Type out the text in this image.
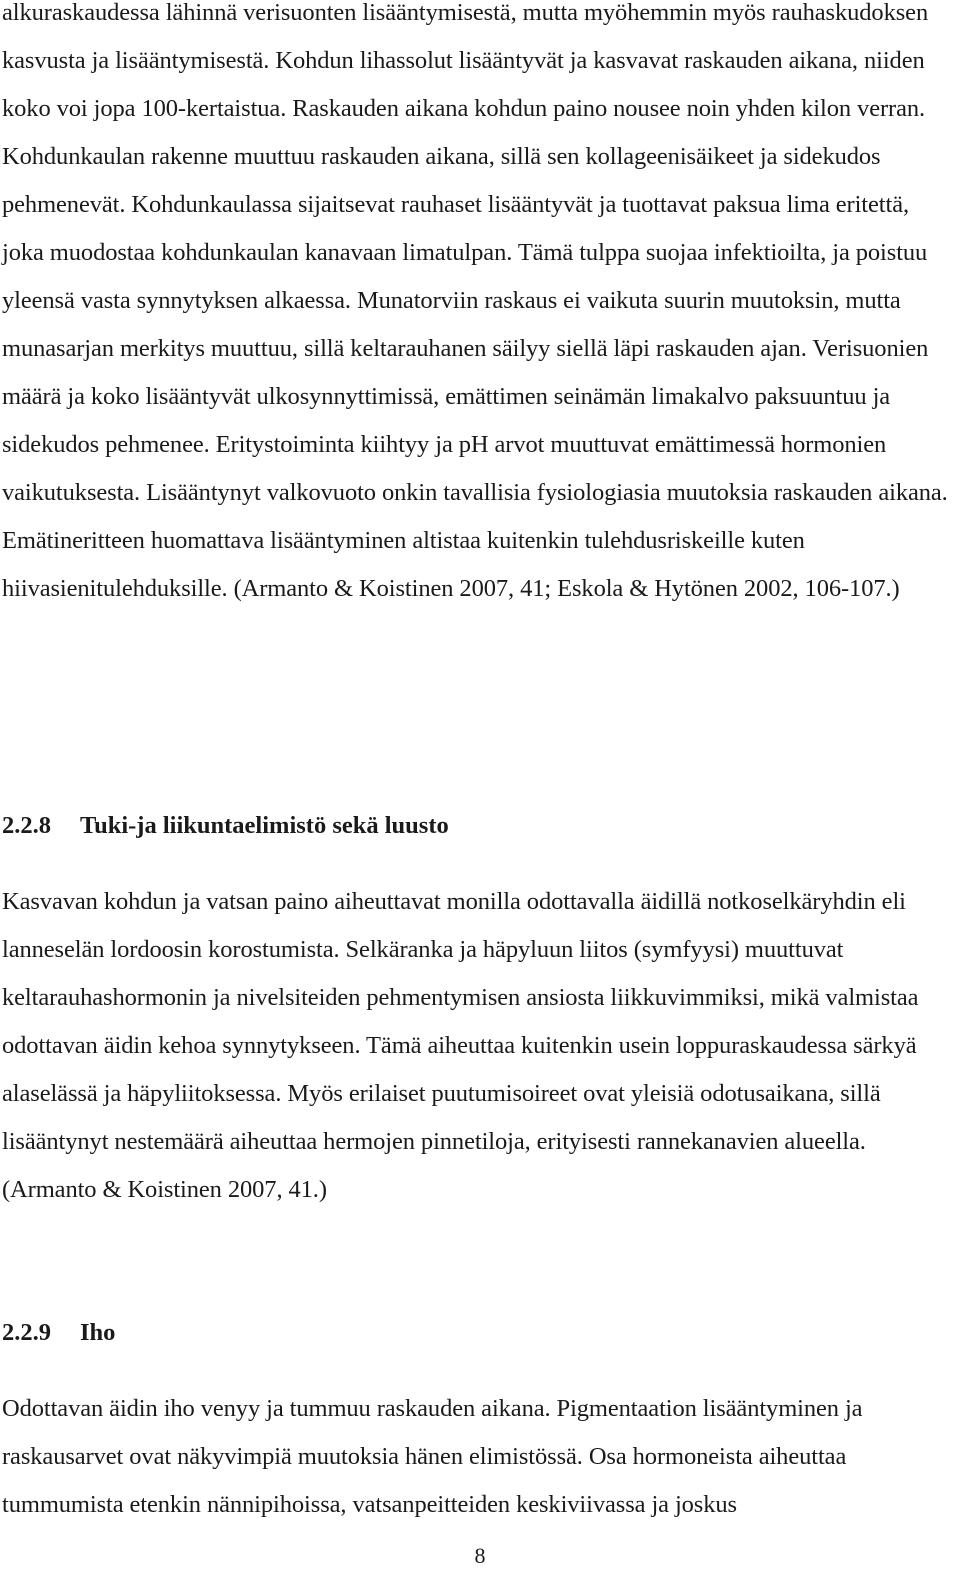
alkuraskaudessa lähinnä verisuonten lisääntymisestä, mutta myöhemmin myös rauhaskudoksen kasvusta ja lisääntymisestä. Kohdun lihassolut lisääntyvät ja kasvavat raskauden aikana, niiden koko voi jopa 100-kertaistua. Raskauden aikana kohdun paino nousee noin yhden kilon verran. Kohdunkaulan rakenne muuttuu raskauden aikana, sillä sen kollageenisäikeet ja sidekudos pehmenevät. Kohdunkaulassa sijaitsevat rauhaset lisääntyvät ja tuottavat paksua lima eritettä, joka muodostaa kohdunkaulan kanavaan limatulpan. Tämä tulppa suojaa infektioilta, ja poistuu yleensä vasta synnytyksen alkaessa. Munatorviin raskaus ei vaikuta suurin muutoksin, mutta munasarjan merkitys muuttuu, sillä keltarauhanen säilyy siellä läpi raskauden ajan. Verisuonien määrä ja koko lisääntyvät ulkosynnyttimissä, emättimen seinämän limakalvo paksuuntuu ja sidekudos pehmenee. Eritystoiminta kiihtyy ja pH arvot muuttuvat emättimessä hormonien vaikutuksesta. Lisääntynyt valkovuoto onkin tavallisia fysiologiasia muutoksia raskauden aikana. Emätineritteen huomattava lisääntyminen altistaa kuitenkin tulehdusriskeille kuten hiivasienitulehduksille. (Armanto & Koistinen 2007, 41; Eskola & Hytönen 2002, 106-107.)

2.2.8 Tuki-ja liikuntaelimistö sekä luusto

Kasvavan kohdun ja vatsan paino aiheuttavat monilla odottavalla äidillä notkoselkäryhdin eli lanneselän lordoosin korostumista. Selkäranka ja häpyluun liitos (symfyysi) muuttuvat keltarauhashormonin ja nivelsiteiden pehmentymisen ansiosta liikkuvimmiksi, mikä valmistaa odottavan äidin kehoa synnytykseen. Tämä aiheuttaa kuitenkin usein loppuraskaudessa särkyä alaselässä ja häpyliitoksessa. Myös erilaiset puutumisoireet ovat yleisiä odotusaikana, sillä lisääntynyt nestemäärä aiheuttaa hermojen pinnetiloja, erityisesti rannekanavien alueella. (Armanto & Koistinen 2007, 41.)

2.2.9 Iho

Odottavan äidin iho venyy ja tummuu raskauden aikana. Pigmentaation lisääntyminen ja raskausarvet ovat näkyvimpiä muutoksia hänen elimistössä. Osa hormoneista aiheuttaa tummumista etenkin nännipihoissa, vatsanpeitteiden keskiviivassa ja joskus

8
